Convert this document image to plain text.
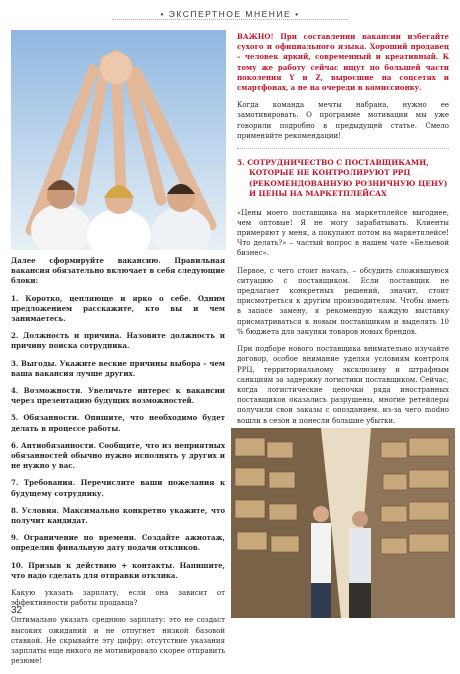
• ЭКСПЕРТНОЕ МНЕНИЕ •

Далее сформируйте вакансию. Правильная вакансия обязательно включает в себя следующие блоки:

1. Коротко, цепляюще и ярко о себе. Одним предложением расскажите, кто вы и чем занимаетесь.
2. Должность и причина. Назовите должность и причину поиска сотрудника.
3. Выгоды. Укажите веские причины выбора – чем ваша вакансия лучше других.
4. Возможности. Увеличьте интерес к вакансии через презентацию будущих возможностей.
5. Обязанности. Опишите, что необходимо будет делать в процессе работы.
6. Антиобязанности. Сообщите, что из неприятных обязанностей обычно нужно исполнять у других и не нужно у вас.
7. Требования. Перечислите ваши пожелания к будущему сотруднику.
8. Условия. Максимально конкретно укажите, что получит кандидат.
9. Ограничение по времени. Создайте ажиотаж, определив финальную дату подачи откликов.
10. Призыв к действию + контакты. Напишите, что надо сделать для отправки отклика.

Какую указать зарплату, если она зависит от эффективности работы продавца?

Оптимально указать среднюю зарплату: это не создаст высоких ожиданий и не отпугнет низкой базовой ставкой. Не скрывайте эту цифру: отсутствие указания зарплаты еще никого не мотивировало скорее отправить резюме!

ВАЖНО! При составлении вакансии избегайте сухого и официального языка. Хороший продавец – человек яркий, современный и креативный. К тому же работу сейчас ищут по большей части поколения Y и Z, выросшие на соцсетях и смартфонах, а не на очереди в комиссионку.

Когда команда мечты набрана, нужно ее замотивировать. О программе мотивации мы уже говорили подробно в предыдущей статье. Смело применяйте рекомендации!

5. СОТРУДНИЧЕСТВО С ПОСТАВЩИКАМИ, КОТОРЫЕ НЕ КОНТРОЛИРУЮТ РРЦ (РЕКОМЕНДОВАННУЮ РОЗНИЧНУЮ ЦЕНУ) И ЦЕНЫ НА МАРКЕТПЛЕЙСАХ

«Цены моего поставщика на маркетплейсе выгоднее, чем оптовые! Я не могу зарабатывать. Клиенты примеряют у меня, а покупают потом на маркетплейсе! Что делать?» – частый вопрос в нашем чате «Бельевой бизнес».

Первое, с чего стоит начать, – обсудить сложившуюся ситуацию с поставщиком. Если поставщик не предлагает конкретных решений, значит, стоит присмотреться к другим производителям. Чтобы иметь в запасе замену, я рекомендую каждую выставку присматриваться к новым поставщикам и выделять 10 % бюджета для закупки товаров новых брендов.

При подборе нового поставщика внимательно изучайте договор, особое внимание уделяя условиям контроля РРЦ, территориальному эксклюзиву и штрафным санкциям за задержку логистики поставщиком. Сейчас, когда логистические цепочки ряда иностранных поставщиков оказались разрушены, многие ретейлеры получили свои заказы с опозданием, из-за чего modно вошли в сезон и понесли большие убытки.

32
